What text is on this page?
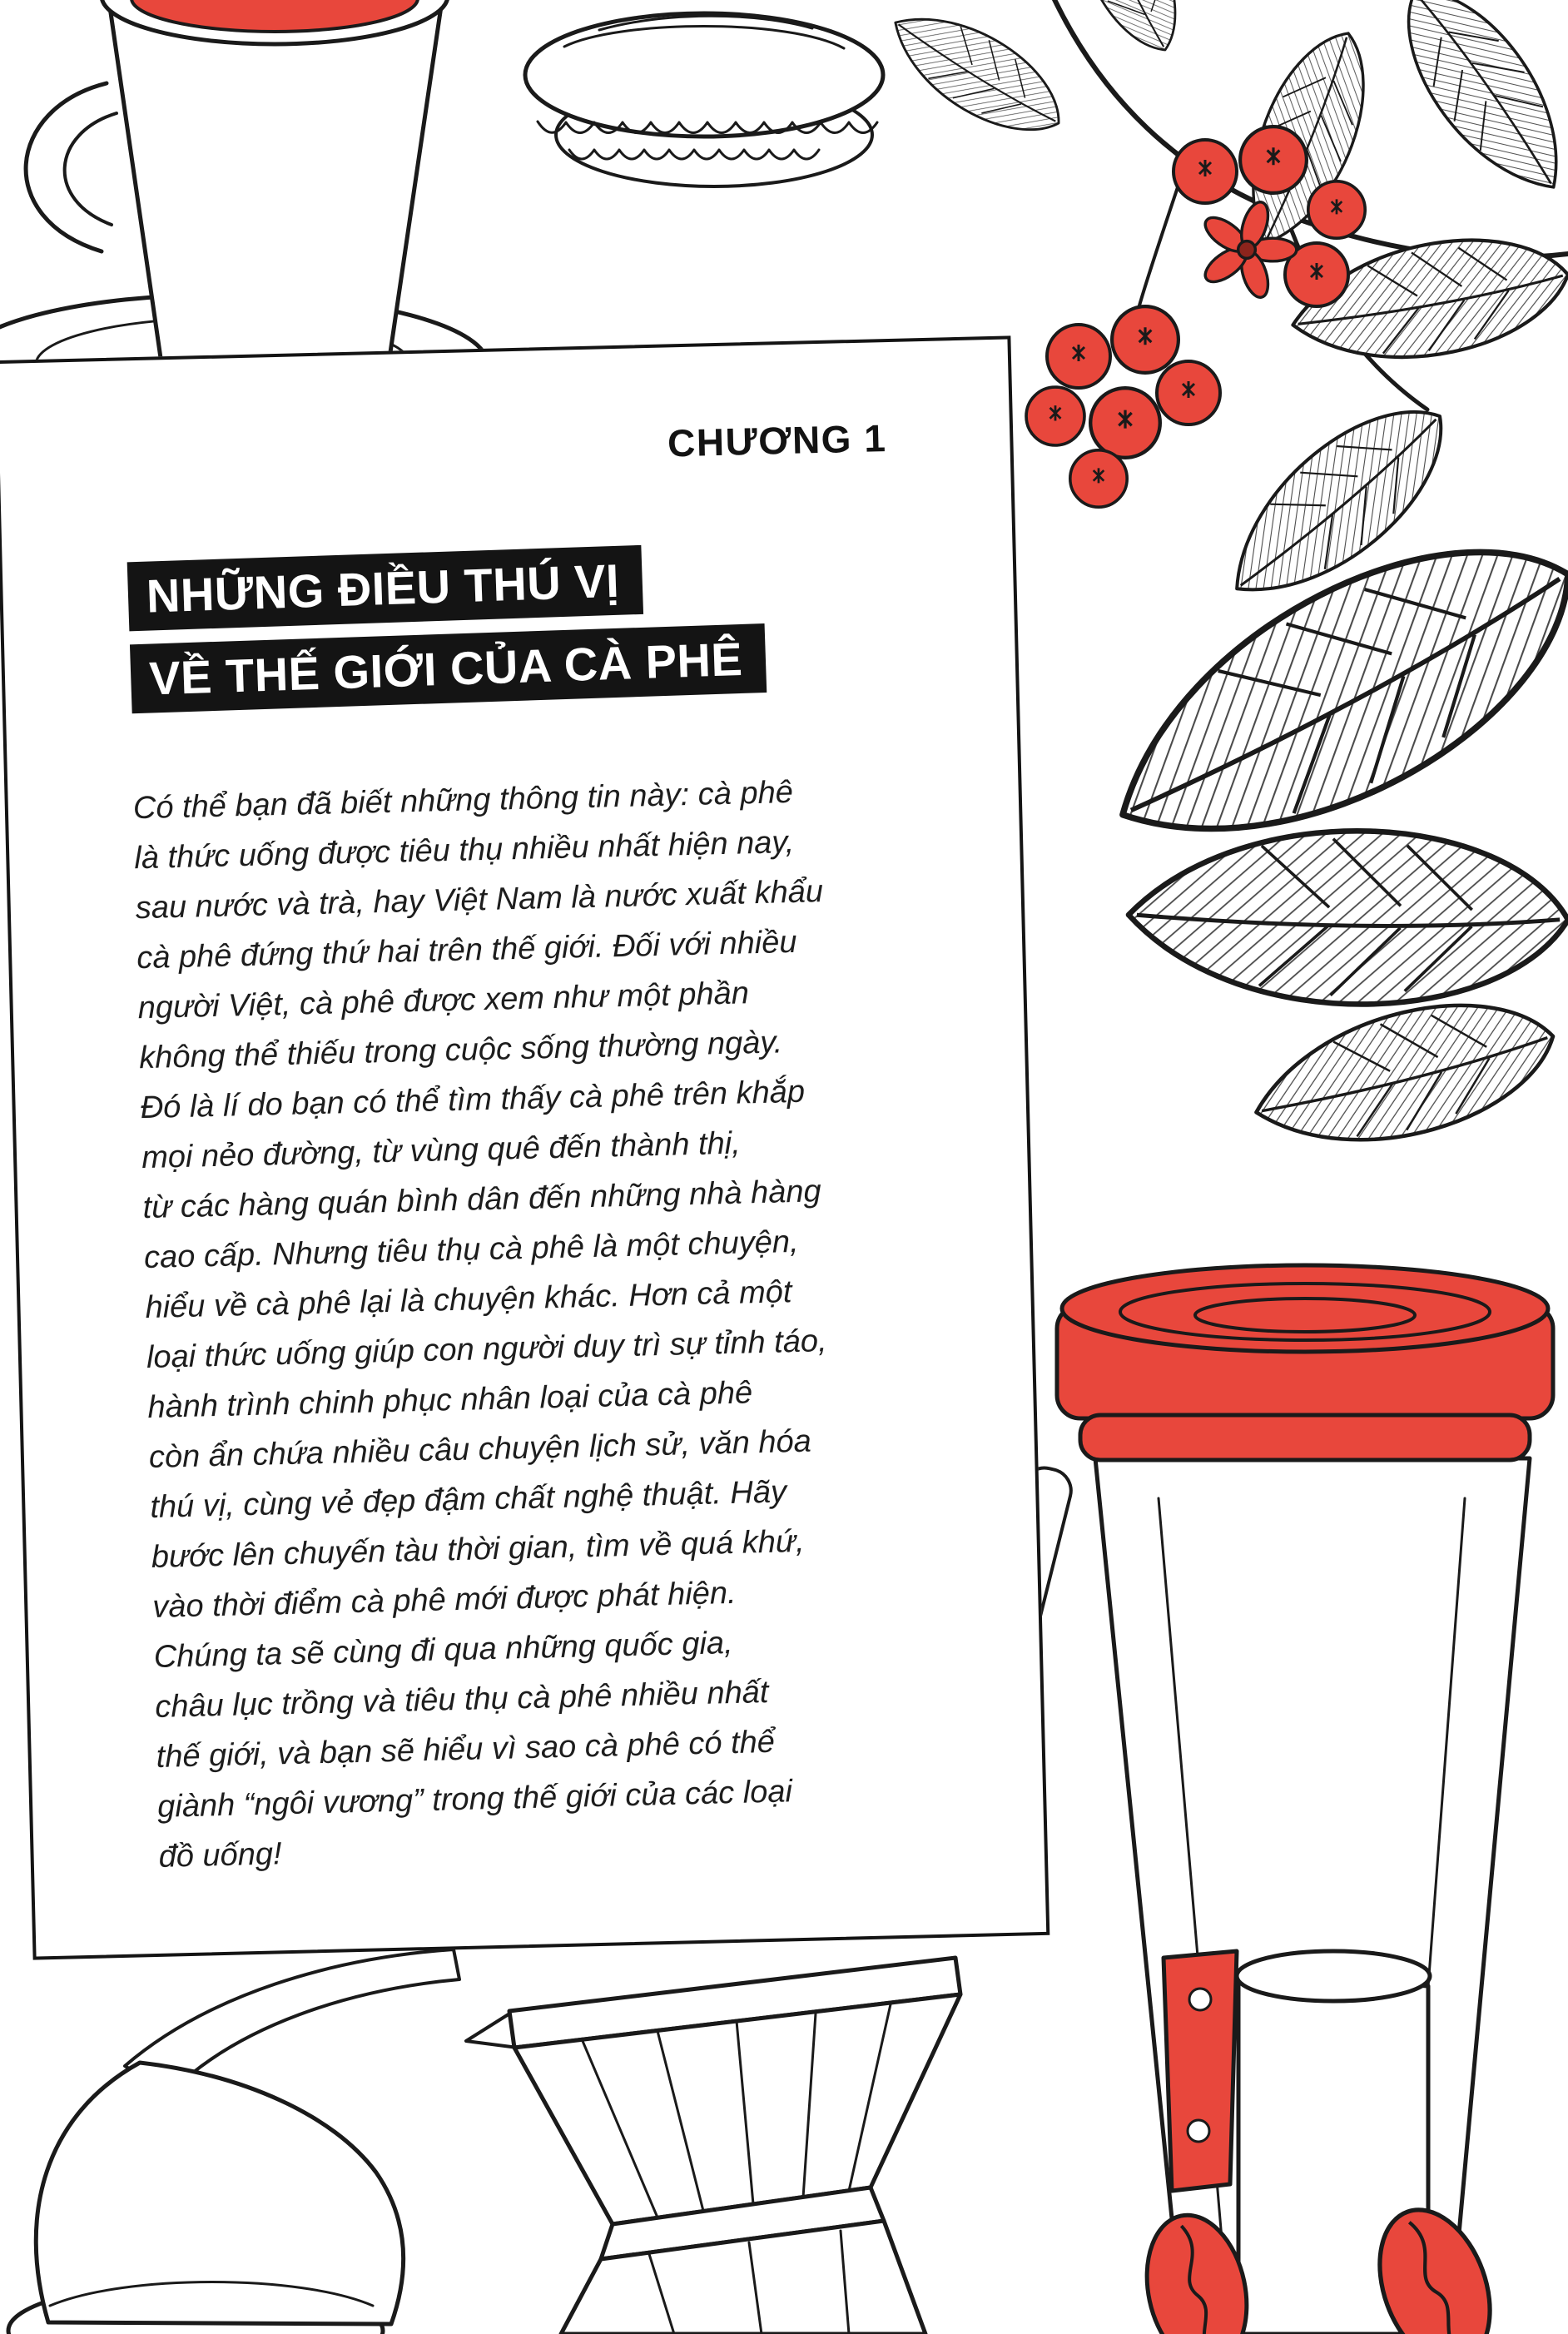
CHƯƠNG 1
NHỮNG ĐIỀU THÚ VỊ
VỀ THẾ GIỚI CỦA CÀ PHÊ
Có thể bạn đã biết những thông tin này: cà phê
là thức uống được tiêu thụ nhiều nhất hiện nay,
sau nước và trà, hay Việt Nam là nước xuất khẩu
cà phê đứng thứ hai trên thế giới. Đối với nhiều
người Việt, cà phê được xem như một phần
không thể thiếu trong cuộc sống thường ngày.
Đó là lí do bạn có thể tìm thấy cà phê trên khắp
mọi nẻo đường, từ vùng quê đến thành thị,
từ các hàng quán bình dân đến những nhà hàng
cao cấp. Nhưng tiêu thụ cà phê là một chuyện,
hiểu về cà phê lại là chuyện khác. Hơn cả một
loại thức uống giúp con người duy trì sự tỉnh táo,
hành trình chinh phục nhân loại của cà phê
còn ẩn chứa nhiều câu chuyện lịch sử, văn hóa
thú vị, cùng vẻ đẹp đậm chất nghệ thuật. Hãy
bước lên chuyến tàu thời gian, tìm về quá khứ,
vào thời điểm cà phê mới được phát hiện.
Chúng ta sẽ cùng đi qua những quốc gia,
châu lục trồng và tiêu thụ cà phê nhiều nhất
thế giới, và bạn sẽ hiểu vì sao cà phê có thể
giành “ngôi vương” trong thế giới của các loại
đồ uống!
